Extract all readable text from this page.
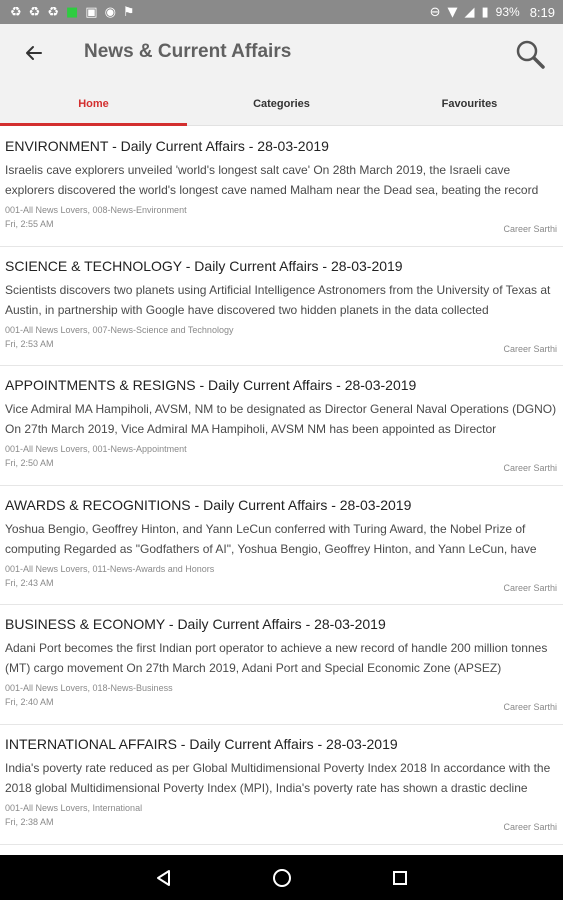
♻ ♻ ♻ ■ ▣ ◉ ⚑	⊖ ▼ ◢ ▮ 93% 8:19
News & Current Affairs
Home	Categories	Favourites
ENVIRONMENT - Daily Current Affairs - 28-03-2019
Israelis cave explorers unveiled 'world's longest salt cave' On 28th March 2019, the Israeli cave explorers discovered the world's longest cave named Malham near the Dead sea, beating the record
001-All News Lovers, 008-News-Environment
Fri, 2:55 AM	Career Sarthi
SCIENCE & TECHNOLOGY - Daily Current Affairs - 28-03-2019
Scientists discovers two planets using Artificial Intelligence Astronomers from the University of Texas at Austin, in partnership with Google have discovered two hidden planets in the data collected
001-All News Lovers, 007-News-Science and Technology
Fri, 2:53 AM	Career Sarthi
APPOINTMENTS & RESIGNS - Daily Current Affairs - 28-03-2019
Vice Admiral MA Hampiholi, AVSM, NM to be designated as Director General Naval Operations (DGNO) On 27th March 2019, Vice Admiral MA Hampiholi, AVSM NM has been appointed as Director
001-All News Lovers, 001-News-Appointment
Fri, 2:50 AM	Career Sarthi
AWARDS & RECOGNITIONS - Daily Current Affairs - 28-03-2019
Yoshua Bengio, Geoffrey Hinton, and Yann LeCun conferred with Turing Award, the Nobel Prize of computing Regarded as "Godfathers of AI", Yoshua Bengio, Geoffrey Hinton, and Yann LeCun, have
001-All News Lovers, 011-News-Awards and Honors
Fri, 2:43 AM	Career Sarthi
BUSINESS & ECONOMY - Daily Current Affairs - 28-03-2019
Adani Port becomes the first Indian port operator to achieve a new record of handle 200 million tonnes (MT) cargo movement On 27th March 2019, Adani Port and Special Economic Zone (APSEZ)
001-All News Lovers, 018-News-Business
Fri, 2:40 AM	Career Sarthi
INTERNATIONAL AFFAIRS - Daily Current Affairs - 28-03-2019
India's poverty rate reduced as per Global Multidimensional Poverty Index 2018 In accordance with the 2018 global Multidimensional Poverty Index (MPI), India's poverty rate has shown a drastic decline
001-All News Lovers, International
Fri, 2:38 AM	Career Sarthi
